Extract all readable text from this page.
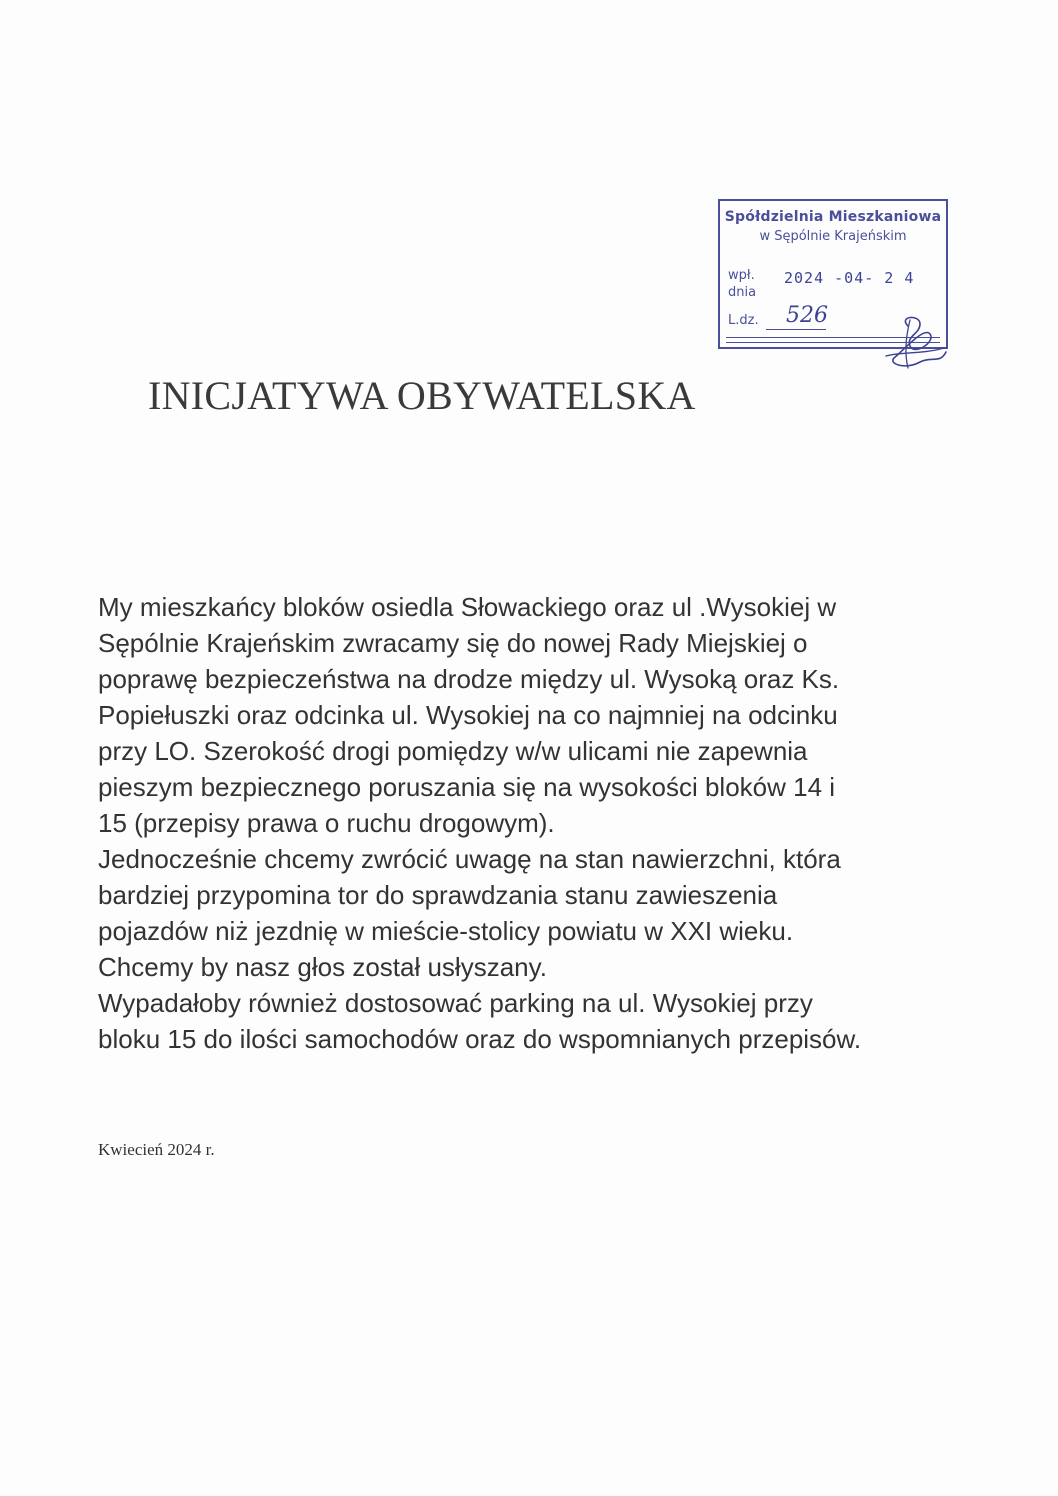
Spółdzielnia Mieszkaniowa
w Sępólnie Krajeńskim
wpł. dnia
2024 -04- 2 4
L.dz. 526
INICJATYWA OBYWATELSKA
My mieszkańcy bloków osiedla Słowackiego oraz ul .Wysokiej w
Sępólnie Krajeńskim zwracamy się do nowej Rady Miejskiej o
poprawę bezpieczeństwa na drodze między ul. Wysoką oraz Ks.
Popiełuszki oraz odcinka ul. Wysokiej na co najmniej na odcinku
przy LO. Szerokość drogi pomiędzy w/w ulicami nie zapewnia
pieszym bezpiecznego poruszania się na wysokości bloków 14 i
15 (przepisy prawa o ruchu drogowym).
Jednocześnie chcemy zwrócić uwagę na stan nawierzchni, która
bardziej przypomina tor do sprawdzania stanu zawieszenia
pojazdów niż jezdnię w mieście-stolicy powiatu w XXI wieku.
Chcemy by nasz głos został usłyszany.
Wypadałoby również dostosować parking na ul. Wysokiej przy
bloku 15 do ilości samochodów oraz do wspomnianych przepisów.
Kwiecień 2024 r.
